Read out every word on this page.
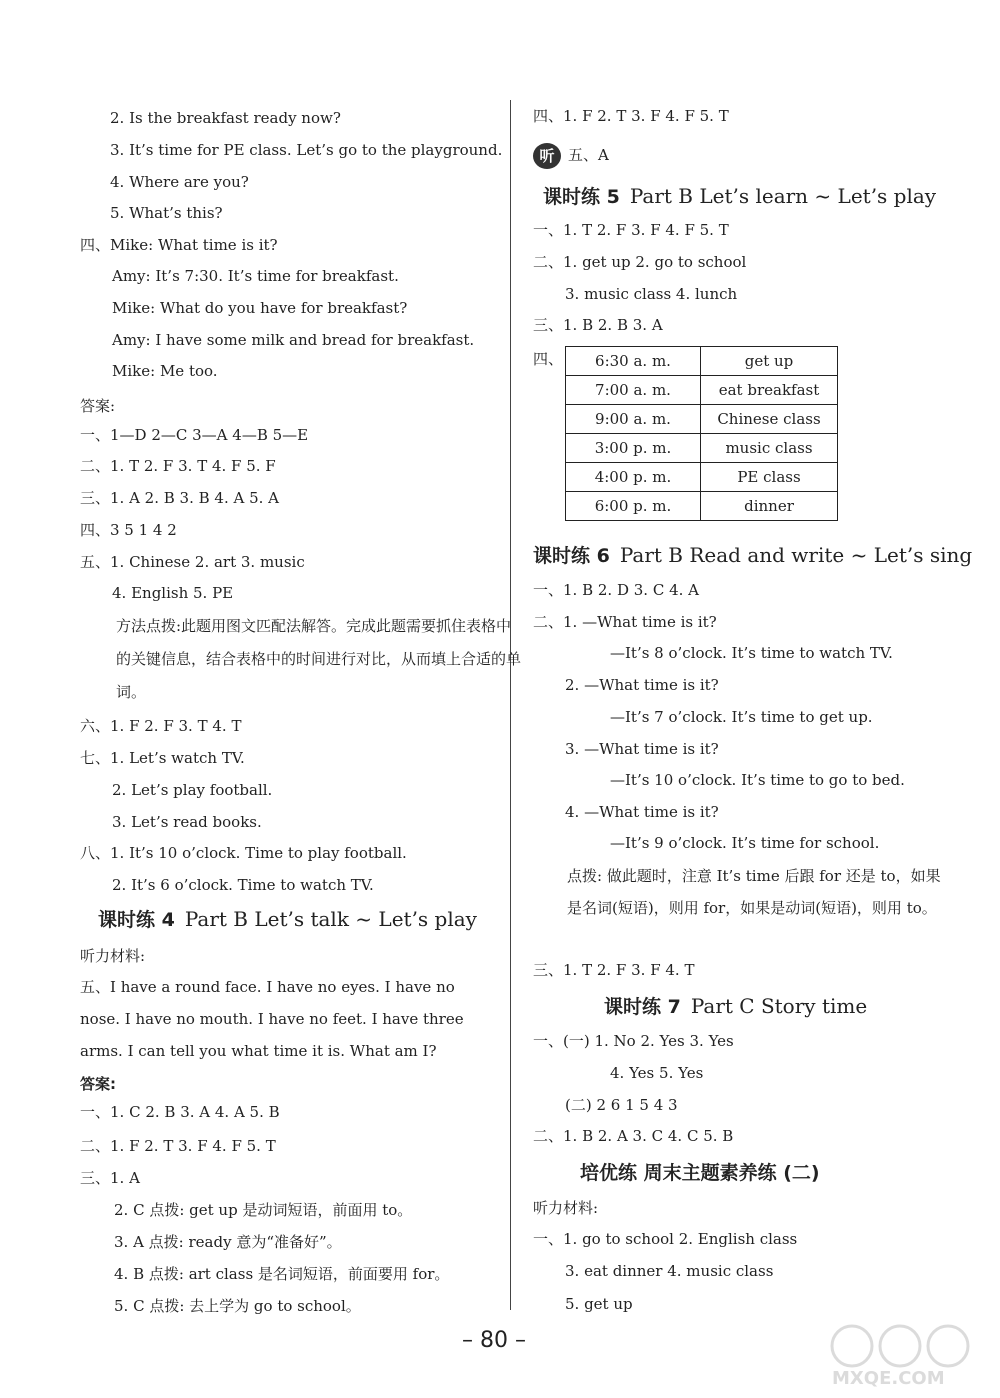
2. Is the breakfast ready now?
3. It’s time for PE class. Let’s go to the playground.
4. Where are you?
5. What’s this?
四、Mike: What time is it?
Amy: It’s 7:30. It’s time for breakfast.
Mike: What do you have for breakfast?
Amy: I have some milk and bread for breakfast.
Mike: Me too.
答案:
一、1—D 2—C 3—A 4—B 5—E
二、1. T 2. F 3. T 4. F 5. F
三、1. A 2. B 3. B 4. A 5. A
四、3 5 1 4 2
五、1. Chinese 2. art 3. music
4. English 5. PE
六、1. F 2. F 3. T 4. T
七、1. Let’s watch TV.
2. Let’s play football.
3. Let’s read books.
八、1. It’s 10 o’clock. Time to play football.
2. It’s 6 o’clock. Time to watch TV.
听力材料:
一、1. C 2. B 3. A 4. A 5. B
二、1. F 2. T 3. F 4. F 5. T
三、1. A
2. C 点拨: get up 是动词短语，前面用 to。
3. A 点拨: ready 意为“准备好”。
4. B 点拨: art class 是名词短语，前面要用 for。
5. C 点拨: 去上学为 go to school。
方法点拨:此题用图文匹配法解答。完成此题需要抓住表格中的关键信息，结合表格中的时间进行对比，从而填上合适的单词。
课时练 4 Part B Let’s talk ~ Let’s play
五、I have a round face. I have no eyes. I have no nose. I have no mouth. I have no feet. I have three arms. I can tell you what time it is. What am I?
答案:
四、1. F 2. T 3. F 4. F 5. T
五、A
一、1. T 2. F 3. F 4. F 5. T
二、1. get up 2. go to school
3. music class 4. lunch
三、1. B 2. B 3. A
四、
一、1. B 2. D 3. C 4. A
二、1. —What time is it?
—It’s 8 o’clock. It’s time to watch TV.
2. —What time is it?
—It’s 7 o’clock. It’s time to get up.
3. —What time is it?
—It’s 10 o’clock. It’s time to go to bed.
4. —What time is it?
—It’s 9 o’clock. It’s time for school.
三、1. T 2. F 3. F 4. T
一、(一) 1. No 2. Yes 3. Yes
4. Yes 5. Yes
(二) 2 6 1 5 4 3
二、1. B 2. A 3. C 4. C 5. B
听力材料:
一、1. go to school 2. English class
3. eat dinner 4. music class
5. get up
听
课时练 5 Part B Let’s learn ~ Let’s play
6:30 a. m.	get up
7:00 a. m.	eat breakfast
9:00 a. m.	Chinese class
3:00 p. m.	music class
4:00 p. m.	PE class
6:00 p. m.	dinner
课时练 6 Part B Read and write ~ Let’s sing
点拨: 做此题时，注意 It’s time 后跟 for 还是 to，如果是名词(短语)，则用 for，如果是动词(短语)，则用 to。
课时练 7 Part C Story time
培优练 周末主题素养练 (二)
– 80 –
MXQE.COM
